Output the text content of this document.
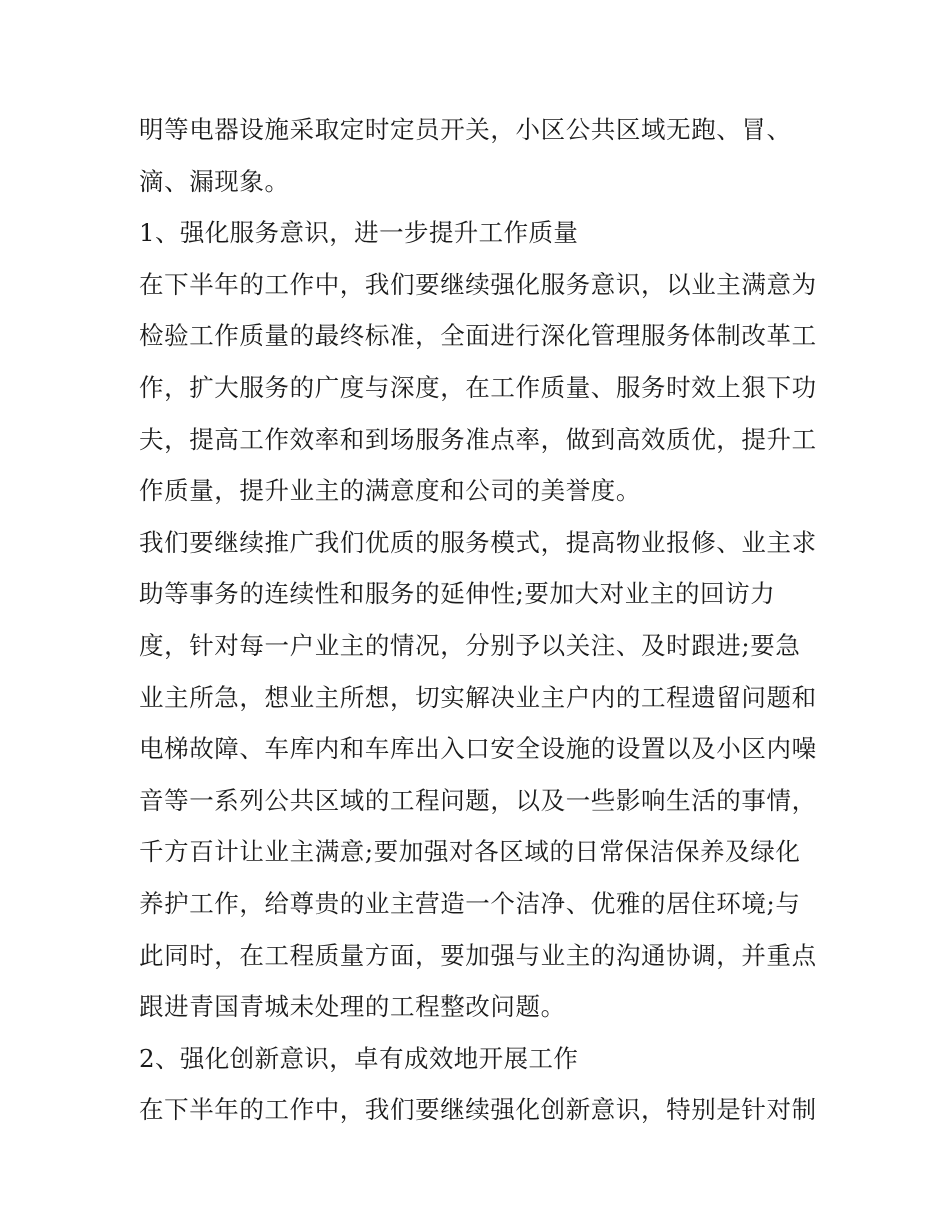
明等电器设施采取定时定员开关，小区公共区域无跑、冒、
滴、漏现象。
1、强化服务意识，进一步提升工作质量
在下半年的工作中，我们要继续强化服务意识，以业主满意为
检验工作质量的最终标准，全面进行深化管理服务体制改革工
作，扩大服务的广度与深度，在工作质量、服务时效上狠下功
夫，提高工作效率和到场服务准点率，做到高效质优，提升工
作质量，提升业主的满意度和公司的美誉度。
我们要继续推广我们优质的服务模式，提高物业报修、业主求
助等事务的连续性和服务的延伸性;要加大对业主的回访力
度，针对每一户业主的情况，分别予以关注、及时跟进;要急
业主所急，想业主所想，切实解决业主户内的工程遗留问题和
电梯故障、车库内和车库出入口安全设施的设置以及小区内噪
音等一系列公共区域的工程问题，以及一些影响生活的事情，
千方百计让业主满意;要加强对各区域的日常保洁保养及绿化
养护工作，给尊贵的业主营造一个洁净、优雅的居住环境;与
此同时，在工程质量方面，要加强与业主的沟通协调，并重点
跟进青国青城未处理的工程整改问题。
2、强化创新意识，卓有成效地开展工作
在下半年的工作中，我们要继续强化创新意识，特别是针对制
